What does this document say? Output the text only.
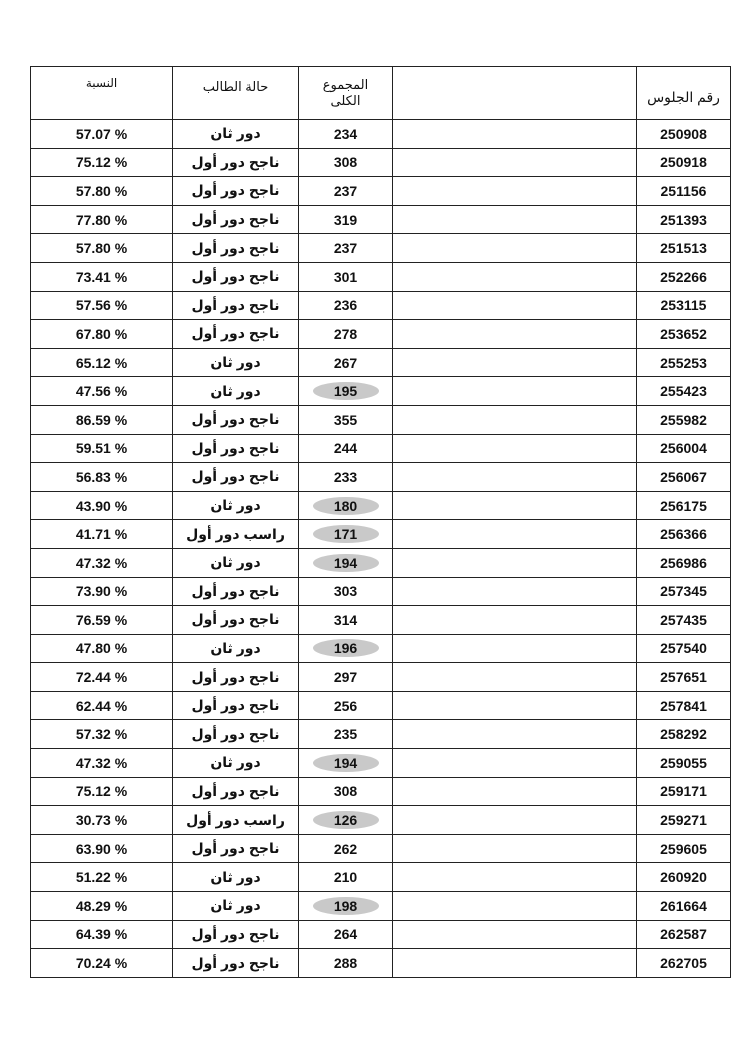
النسبة	حالة الطالب	المجموع الكلى		رقم الجلوس

57.07 %	دور ثان	234		250908
75.12 %	ناجح دور أول	308		250918
57.80 %	ناجح دور أول	237		251156
77.80 %	ناجح دور أول	319		251393
57.80 %	ناجح دور أول	237		251513
73.41 %	ناجح دور أول	301		252266
57.56 %	ناجح دور أول	236		253115
67.80 %	ناجح دور أول	278		253652
65.12 %	دور ثان	267		255253
47.56 %	دور ثان	195		255423
86.59 %	ناجح دور أول	355		255982
59.51 %	ناجح دور أول	244		256004
56.83 %	ناجح دور أول	233		256067
43.90 %	دور ثان	180		256175
41.71 %	راسب دور أول	171		256366
47.32 %	دور ثان	194		256986
73.90 %	ناجح دور أول	303		257345
76.59 %	ناجح دور أول	314		257435
47.80 %	دور ثان	196		257540
72.44 %	ناجح دور أول	297		257651
62.44 %	ناجح دور أول	256		257841
57.32 %	ناجح دور أول	235		258292
47.32 %	دور ثان	194		259055
75.12 %	ناجح دور أول	308		259171
30.73 %	راسب دور أول	126		259271
63.90 %	ناجح دور أول	262		259605
51.22 %	دور ثان	210		260920
48.29 %	دور ثان	198		261664
64.39 %	ناجح دور أول	264		262587
70.24 %	ناجح دور أول	288		262705
